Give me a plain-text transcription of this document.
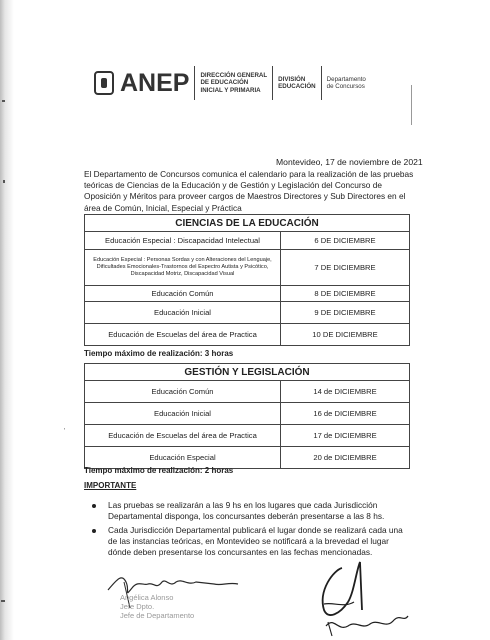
ANEP DIRECCIÓN GENERAL
DE EDUCACIÓN
INICIAL Y PRIMARIA
DIVISIÓN
EDUCACIÓN
Departamento
de Concursos
Montevideo, 17 de noviembre de 2021
El Departamento de Concursos comunica el calendario para la realización de las pruebas teóricas de Ciencias de la Educación y de Gestión y Legislación del Concurso de Oposición y Méritos para proveer cargos de Maestros Directores y Sub Directores en el área de Común, Inicial, Especial y Práctica
CIENCIAS DE LA EDUCACIÓN	
Educación Especial : Discapacidad Intelectual	6 DE DICIEMBRE
Educación Especial : Personas Sordas y con Alteraciones del Lenguaje, Dificultades Emocionales-Trastornos del Espectro Autista y Psicótico, Discapacidad Motriz, Discapacidad Visual	7 DE DICIEMBRE
Educación Común	8 DE DICIEMBRE
Educación Inicial	9 DE DICIEMBRE
Educación de Escuelas del área de Practica	10 DE DICIEMBRE
Tiempo máximo de realización: 3 horas
GESTIÓN Y LEGISLACIÓN	
Educación Común	14 de DICIEMBRE
Educación Inicial	16 de DICIEMBRE
Educación de Escuelas del área de Practica	17 de DICIEMBRE
Educación Especial	20 de DICIEMBRE
Tiempo máximo de realización: 2 horas
'
IMPORTANTE
Las pruebas se realizarán a las 9 hs en los lugares que cada Jurisdicción Departamental disponga, los concursantes deberán presentarse a las 8 hs.
Cada Jurisdicción Departamental publicará el lugar donde se realizará cada una de las instancias teóricas, en Montevideo se notificará a la brevedad el lugar dónde deben presentarse los concursantes en las fechas mencionadas.
Angélica Alonso
Jefe Dpto.
Jefe de Departamento
